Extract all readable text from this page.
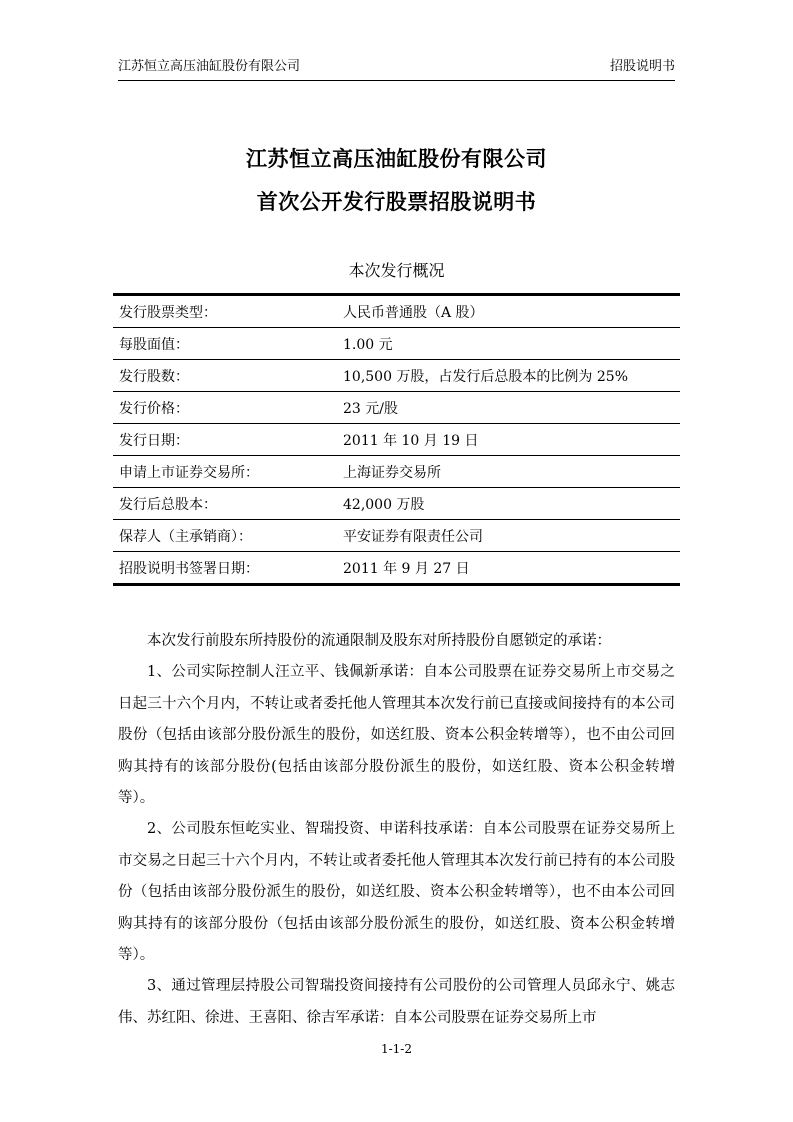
江苏恒立高压油缸股份有限公司	招股说明书
江苏恒立高压油缸股份有限公司
首次公开发行股票招股说明书
本次发行概况
发行股票类型：	人民币普通股（A 股）
每股面值：	1.00 元
发行股数：	10,500 万股，占发行后总股本的比例为 25%
发行价格：	23 元/股
发行日期：	2011 年 10 月 19 日
申请上市证券交易所：	上海证券交易所
发行后总股本：	42,000 万股
保荐人（主承销商）：	平安证券有限责任公司
招股说明书签署日期：	2011 年 9 月 27 日

本次发行前股东所持股份的流通限制及股东对所持股份自愿锁定的承诺：

1、公司实际控制人汪立平、钱佩新承诺：自本公司股票在证券交易所上市交易之日起三十六个月内，不转让或者委托他人管理其本次发行前已直接或间接持有的本公司股份（包括由该部分股份派生的股份，如送红股、资本公积金转增等），也不由公司回购其持有的该部分股份(包括由该部分股份派生的股份，如送红股、资本公积金转增等）。

2、公司股东恒屹实业、智瑞投资、申诺科技承诺：自本公司股票在证券交易所上市交易之日起三十六个月内，不转让或者委托他人管理其本次发行前已持有的本公司股份（包括由该部分股份派生的股份，如送红股、资本公积金转增等），也不由本公司回购其持有的该部分股份（包括由该部分股份派生的股份，如送红股、资本公积金转增等）。

3、通过管理层持股公司智瑞投资间接持有公司股份的公司管理人员邱永宁、姚志伟、苏红阳、徐进、王喜阳、徐吉军承诺：自本公司股票在证券交易所上市

1-1-2
